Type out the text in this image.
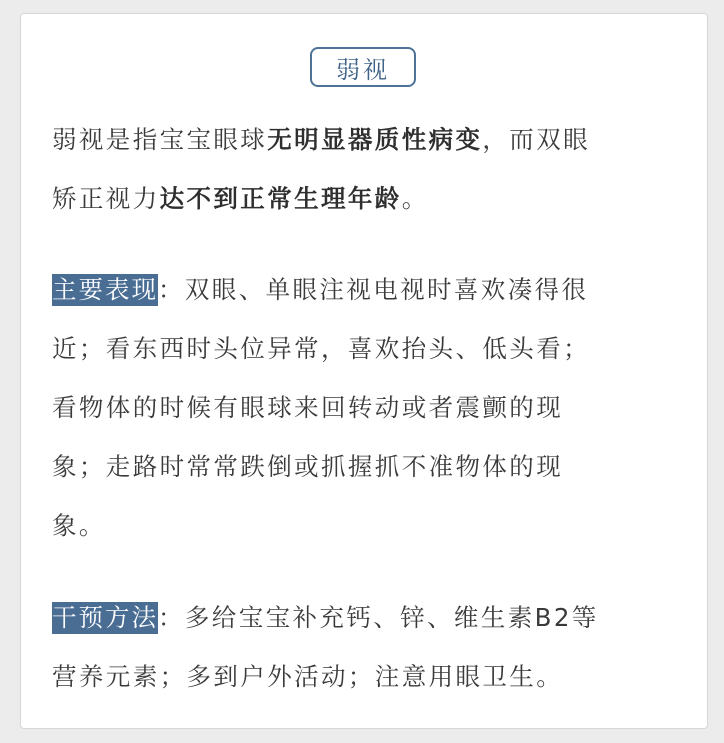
弱视

弱视是指宝宝眼球无明显器质性病变，而双眼
矫正视力达不到正常生理年龄。

主要表现：双眼、单眼注视电视时喜欢凑得很
近；看东西时头位异常，喜欢抬头、低头看；
看物体的时候有眼球来回转动或者震颤的现
象；走路时常常跌倒或抓握抓不准物体的现
象。

干预方法：多给宝宝补充钙、锌、维生素B2等
营养元素；多到户外活动；注意用眼卫生。
